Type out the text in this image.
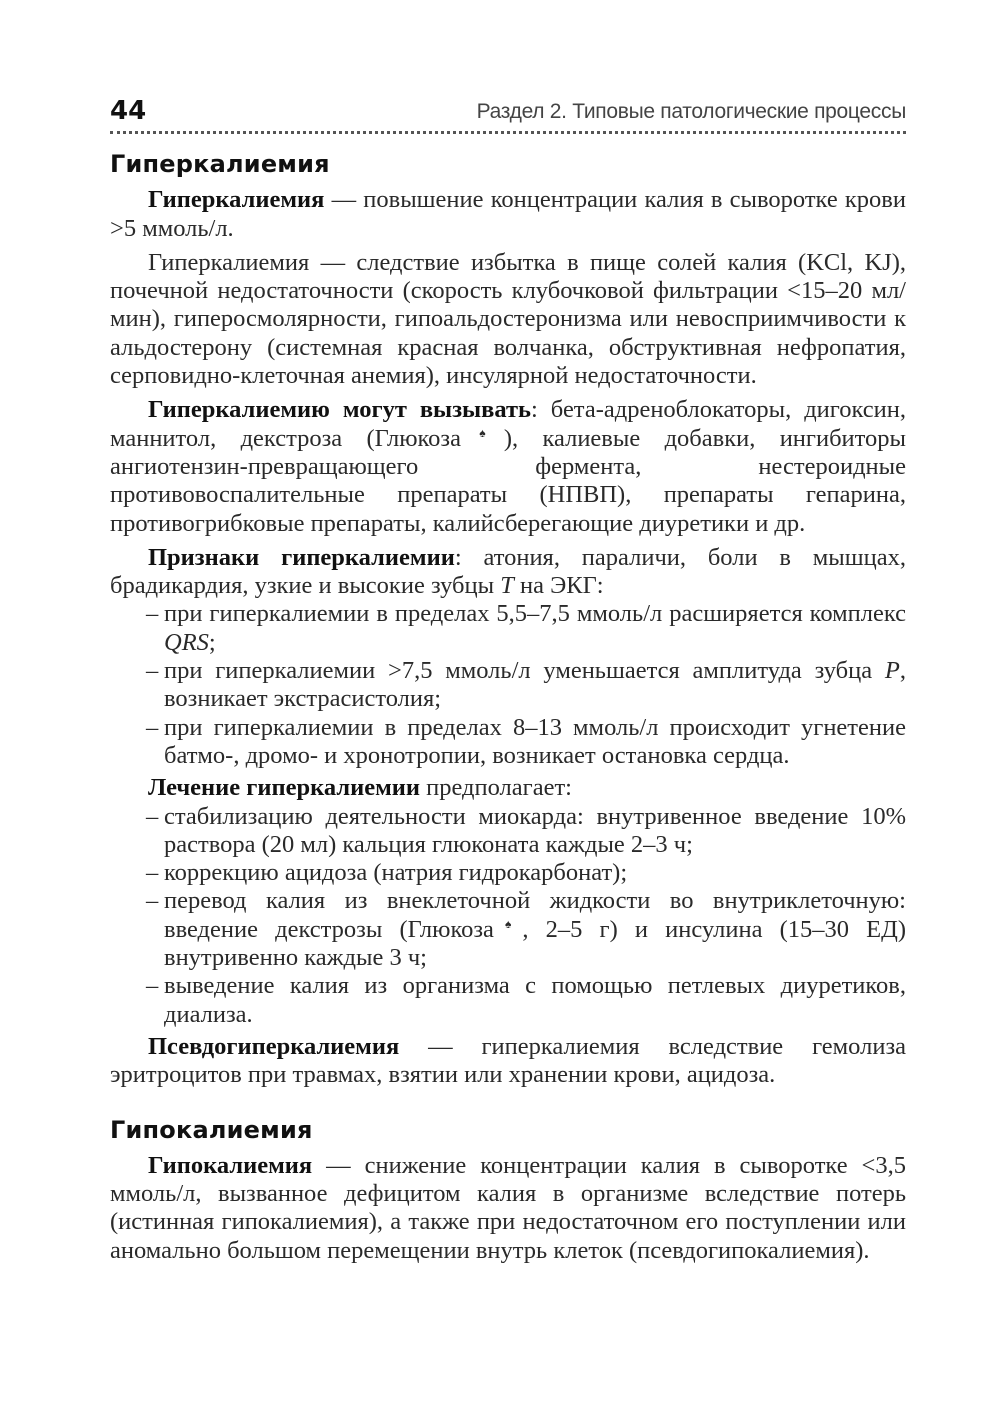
44	Раздел 2. Типовые патологические процессы
Гиперкалиемия

Гиперкалиемия — повышение концентрации калия в сыворотке крови >5 ммоль/л.

Гиперкалиемия — следствие избытка в пище солей калия (KCl, KJ), почечной недостаточности (скорость клубочковой фильтрации <15–20 мл/мин), гиперосмолярности, гипоальдостеронизма или невосприимчивости к альдостерону (системная красная волчанка, обструктивная нефропатия, серповидно-клеточная анемия), инсулярной недостаточности.

Гиперкалиемию могут вызывать: бета-адреноблокаторы, дигоксин, маннитол, декстроза (Глюкоза♠), калиевые добавки, ингибиторы ангиотензин-превращающего фермента, нестероидные противовоспалительные препараты (НПВП), препараты гепарина, противогрибковые препараты, калийсберегающие диуретики и др.

Признаки гиперкалиемии: атония, параличи, боли в мышцах, брадикардия, узкие и высокие зубцы T на ЭКГ:

– при гиперкалиемии в пределах 5,5–7,5 ммоль/л расширяется комплекс QRS;
– при гиперкалиемии >7,5 ммоль/л уменьшается амплитуда зубца P, возникает экстрасистолия;
– при гиперкалиемии в пределах 8–13 ммоль/л происходит угнетение батмо-, дромо- и хронотропии, возникает остановка сердца.

Лечение гиперкалиемии предполагает:

– стабилизацию деятельности миокарда: внутривенное введение 10% раствора (20 мл) кальция глюконата каждые 2–3 ч;
– коррекцию ацидоза (натрия гидрокарбонат);
– перевод калия из внеклеточной жидкости во внутриклеточную: введение декстрозы (Глюкоза♠, 2–5 г) и инсулина (15–30 ЕД) внутривенно каждые 3 ч;
– выведение калия из организма с помощью петлевых диуретиков, диализа.

Псевдогиперкалиемия — гиперкалиемия вследствие гемолиза эритроцитов при травмах, взятии или хранении крови, ацидоза.

Гипокалиемия

Гипокалиемия — снижение концентрации калия в сыворотке <3,5 ммоль/л, вызванное дефицитом калия в организме вследствие потерь (истинная гипокалиемия), а также при недостаточном его поступлении или аномально большом перемещении внутрь клеток (псевдогипокалиемия).
